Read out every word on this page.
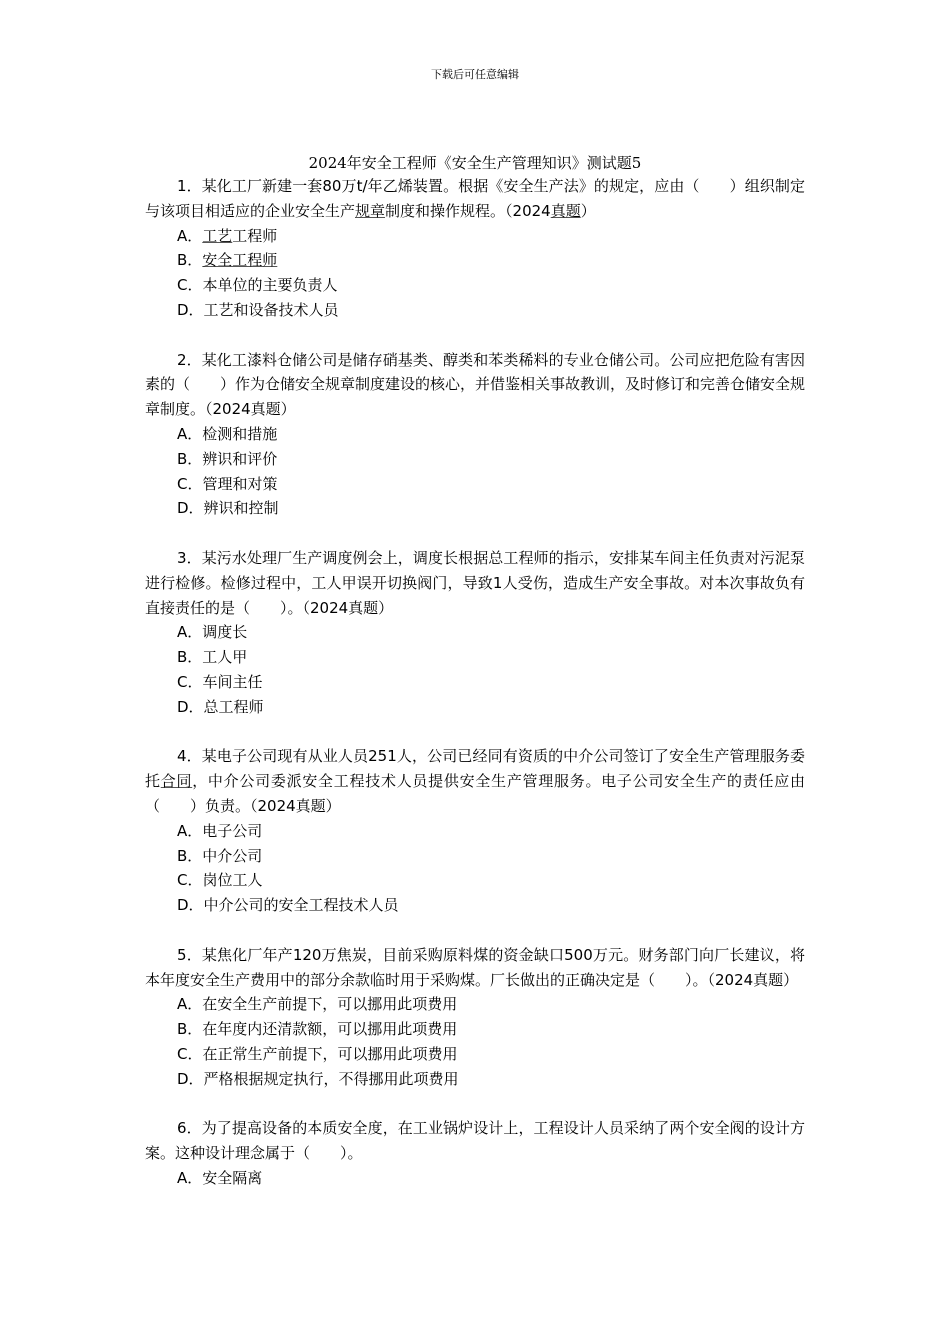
下载后可任意编辑
2024年安全工程师《安全生产管理知识》测试题5
1．某化工厂新建一套80万t/年乙烯装置。根据《安全生产法》的规定，应由（　　）组织制定与该项目相适应的企业安全生产规章制度和操作规程。（2024真题）
A．工艺工程师
B．安全工程师
C．本单位的主要负责人
D．工艺和设备技术人员
2．某化工漆料仓储公司是储存硝基类、醇类和苯类稀料的专业仓储公司。公司应把危险有害因素的（　　）作为仓储安全规章制度建设的核心，并借鉴相关事故教训，及时修订和完善仓储安全规章制度。（2024真题）
A．检测和措施
B．辨识和评价
C．管理和对策
D．辨识和控制
3．某污水处理厂生产调度例会上，调度长根据总工程师的指示，安排某车间主任负责对污泥泵进行检修。检修过程中，工人甲误开切换阀门，导致1人受伤，造成生产安全事故。对本次事故负有直接责任的是（　　）。（2024真题）
A．调度长
B．工人甲
C．车间主任
D．总工程师
4．某电子公司现有从业人员251人，公司已经同有资质的中介公司签订了安全生产管理服务委托合同，中介公司委派安全工程技术人员提供安全生产管理服务。电子公司安全生产的责任应由（　　）负责。（2024真题）
A．电子公司
B．中介公司
C．岗位工人
D．中介公司的安全工程技术人员
5．某焦化厂年产120万焦炭，目前采购原料煤的资金缺口500万元。财务部门向厂长建议，将本年度安全生产费用中的部分余款临时用于采购煤。厂长做出的正确决定是（　　）。（2024真题）
A．在安全生产前提下，可以挪用此项费用
B．在年度内还清款额，可以挪用此项费用
C．在正常生产前提下，可以挪用此项费用
D．严格根据规定执行，不得挪用此项费用
6．为了提高设备的本质安全度，在工业锅炉设计上，工程设计人员采纳了两个安全阀的设计方案。这种设计理念属于（　　）。
A．安全隔离
